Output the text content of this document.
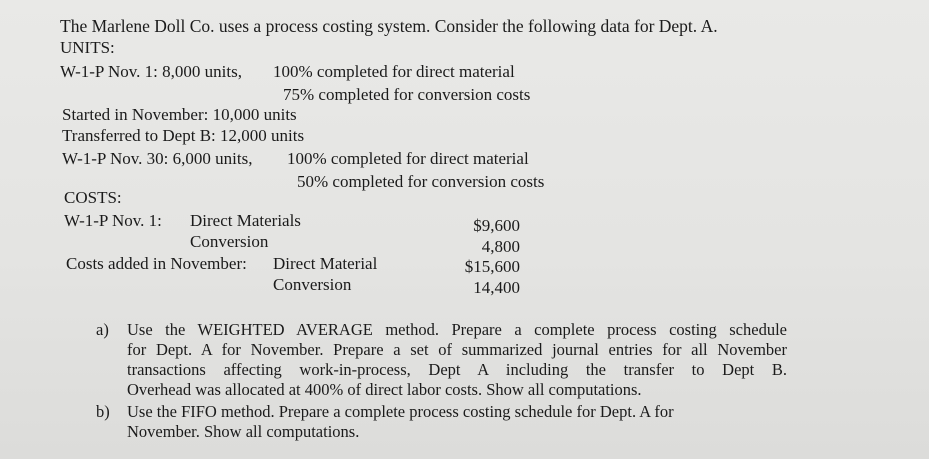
The Marlene Doll Co. uses a process costing system. Consider the following data for Dept. A.
UNITS:
W-1-P Nov. 1: 8,000 units, 100% completed for direct material
75% completed for conversion costs
Started in November: 10,000 units
Transferred to Dept B: 12,000 units
W-1-P Nov. 30: 6,000 units, 100% completed for direct material
50% completed for conversion costs
COSTS:
W-1-P Nov. 1: Direct Materials	$9,600
Conversion	4,800
Costs added in November: Direct Material	$15,600
Conversion	14,400
a) Use the WEIGHTED AVERAGE method. Prepare a complete process costing schedule
for Dept. A for November. Prepare a set of summarized journal entries for all November
transactions affecting work-in-process, Dept A including the transfer to Dept B.
Overhead was allocated at 400% of direct labor costs. Show all computations.
b) Use the FIFO method. Prepare a complete process costing schedule for Dept. A for
November. Show all computations.
